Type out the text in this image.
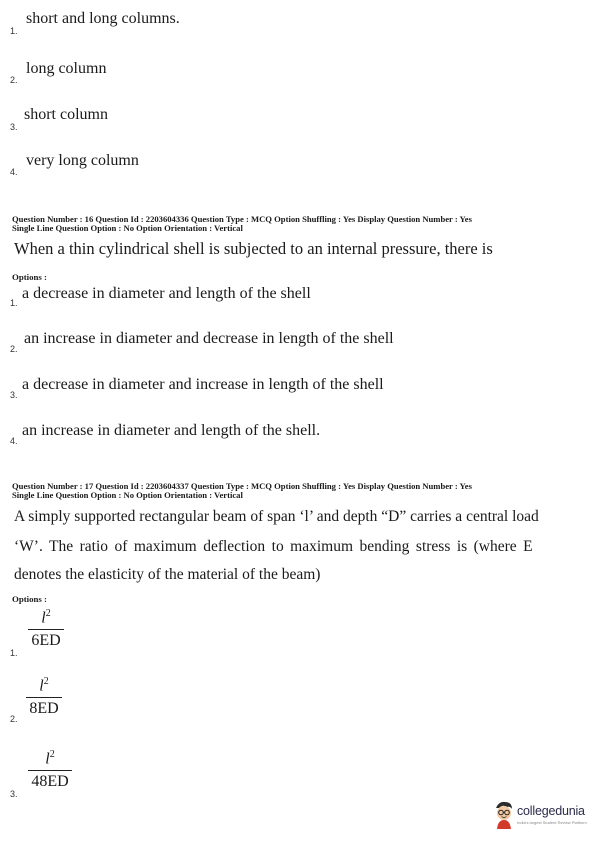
1.
short and long columns.
2.
long column
3.
short column
4.
very long column
Question Number : 16 Question Id : 2203604336 Question Type : MCQ Option Shuffling : Yes Display Question Number : Yes
Single Line Question Option : No Option Orientation : Vertical
When a thin cylindrical shell is subjected to an internal pressure, there is
Options :
1.
a decrease in diameter and length of the shell
2.
an increase in diameter and decrease in length of the shell
3.
a decrease in diameter and increase in length of the shell
4.
an increase in diameter and length of the shell.
Question Number : 17 Question Id : 2203604337 Question Type : MCQ Option Shuffling : Yes Display Question Number : Yes
Single Line Question Option : No Option Orientation : Vertical
A simply supported rectangular beam of span ‘l’ and depth “D” carries a central load
‘W’. The ratio of maximum deflection to maximum bending stress is (where E
denotes the elasticity of the material of the beam)
Options :
1.
$l^2$
6ED
2.
$l^2$
8ED
3.
$l^2$
48ED
collegedunia
India's largest Student Review Platform
